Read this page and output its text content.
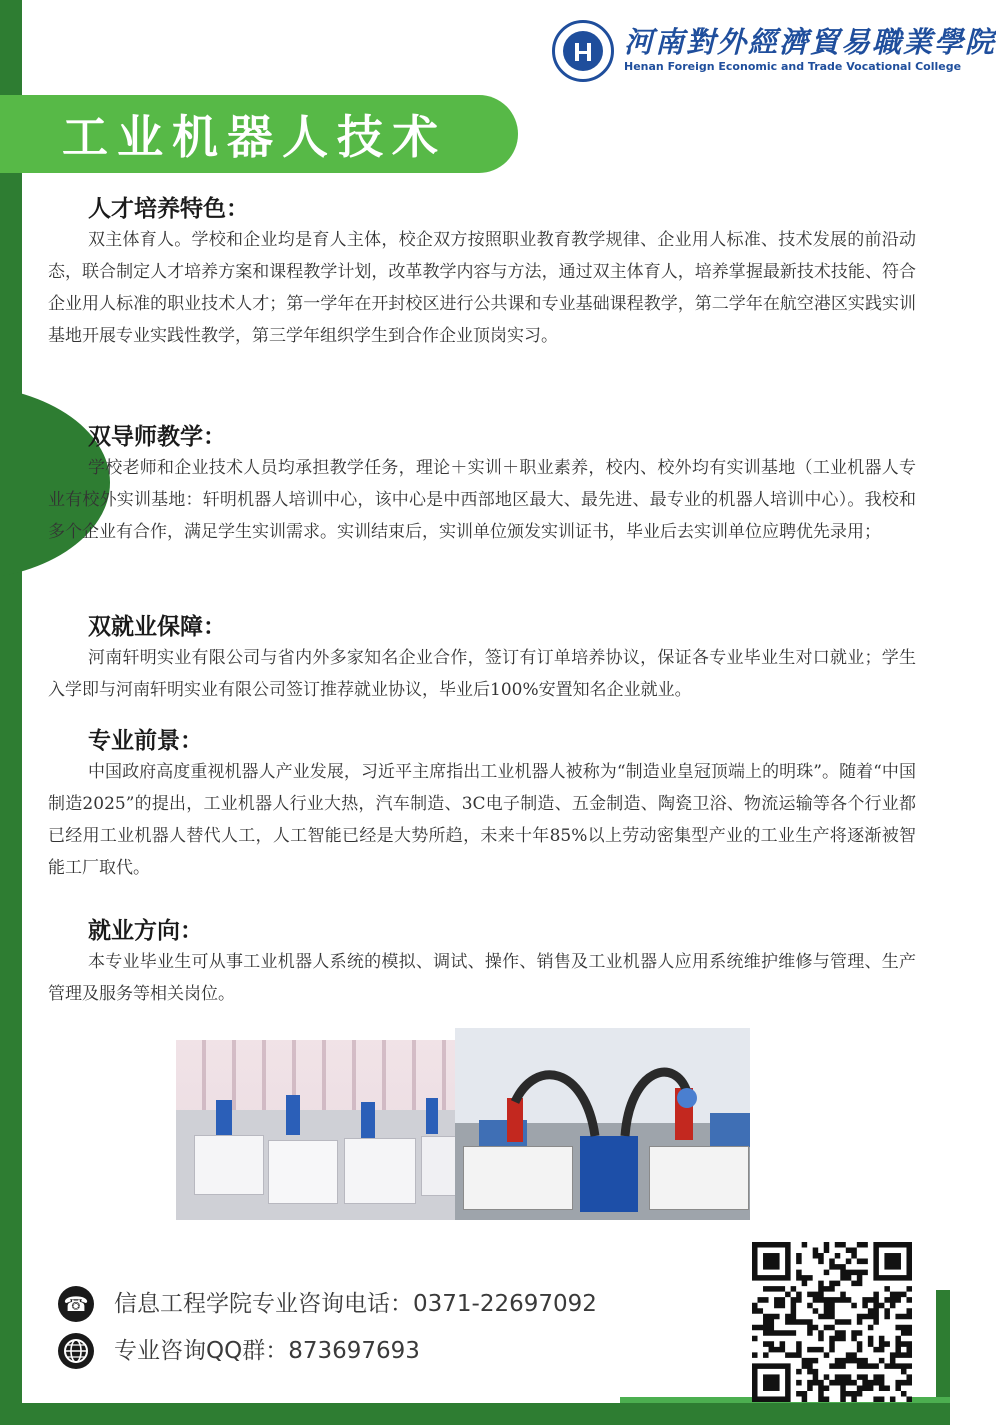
河南對外經濟貿易職業學院
Henan Foreign Economic and Trade Vocational College
工业机器人技术
人才培养特色：
双主体育人。学校和企业均是育人主体，校企双方按照职业教育教学规律、企业用人标准、技术发展的前沿动态，联合制定人才培养方案和课程教学计划，改革教学内容与方法，通过双主体育人，培养掌握最新技术技能、符合企业用人标准的职业技术人才；第一学年在开封校区进行公共课和专业基础课程教学，第二学年在航空港区实践实训基地开展专业实践性教学，第三学年组织学生到合作企业顶岗实习。
双导师教学：
学校老师和企业技术人员均承担教学任务，理论＋实训＋职业素养，校内、校外均有实训基地（工业机器人专业有校外实训基地：轩明机器人培训中心，该中心是中西部地区最大、最先进、最专业的机器人培训中心）。我校和多个企业有合作，满足学生实训需求。实训结束后，实训单位颁发实训证书，毕业后去实训单位应聘优先录用；
双就业保障：
河南轩明实业有限公司与省内外多家知名企业合作，签订有订单培养协议，保证各专业毕业生对口就业；学生入学即与河南轩明实业有限公司签订推荐就业协议，毕业后100%安置知名企业就业。
专业前景：
中国政府高度重视机器人产业发展，习近平主席指出工业机器人被称为“制造业皇冠顶端上的明珠”。随着“中国制造2025”的提出，工业机器人行业大热，汽车制造、3C电子制造、五金制造、陶瓷卫浴、物流运输等各个行业都已经用工业机器人替代人工，人工智能已经是大势所趋，未来十年85%以上劳动密集型产业的工业生产将逐渐被智能工厂取代。
就业方向：
本专业毕业生可从事工业机器人系统的模拟、调试、操作、销售及工业机器人应用系统维护维修与管理、生产管理及服务等相关岗位。
☎ 信息工程学院专业咨询电话：0371-22697092
专业咨询QQ群：873697693
